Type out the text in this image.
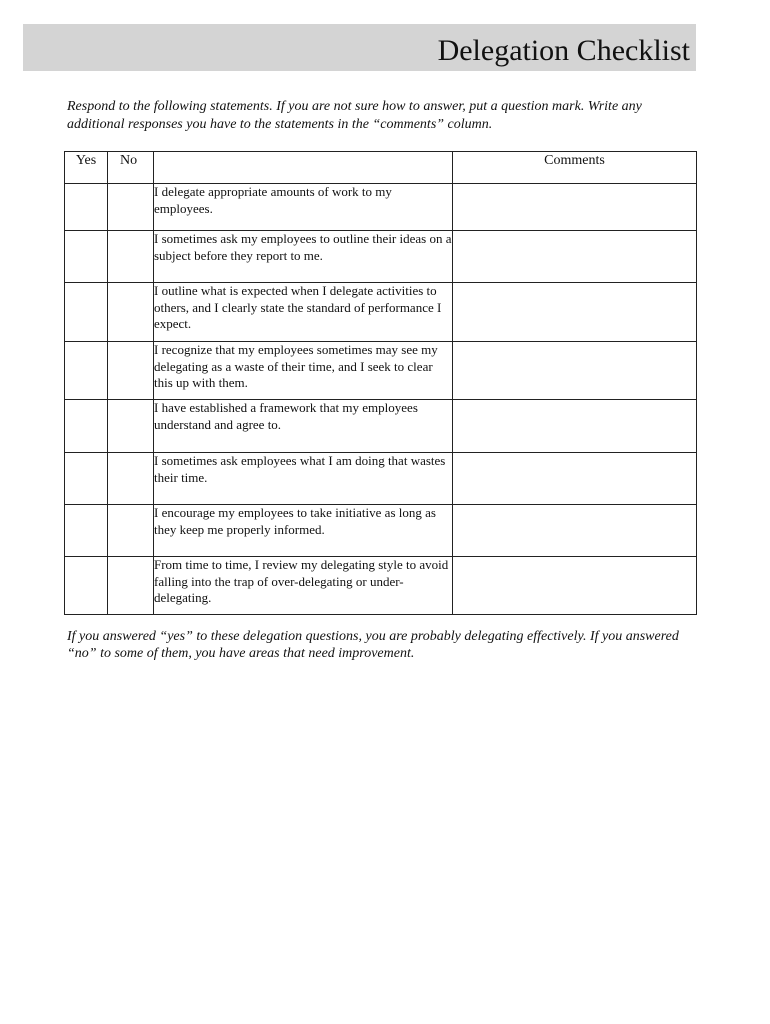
Delegation Checklist
Respond to the following statements. If you are not sure how to answer, put a question mark. Write any additional responses you have to the statements in the “comments” column.
Yes	No		Comments
		I delegate appropriate amounts of work to my employees.	
		I sometimes ask my employees to outline their ideas on a subject before they report to me.	
		I outline what is expected when I delegate activities to others, and I clearly state the standard of performance I expect.	
		I recognize that my employees sometimes may see my delegating as a waste of their time, and I seek to clear this up with them.	
		I have established a framework that my employees understand and agree to.	
		I sometimes ask employees what I am doing that wastes their time.	
		I encourage my employees to take initiative as long as they keep me properly informed.	
		From time to time, I review my delegating style to avoid falling into the trap of over-delegating or under-delegating.	
If you answered “yes” to these delegation questions, you are probably delegating effectively. If you answered “no” to some of them, you have areas that need improvement.
